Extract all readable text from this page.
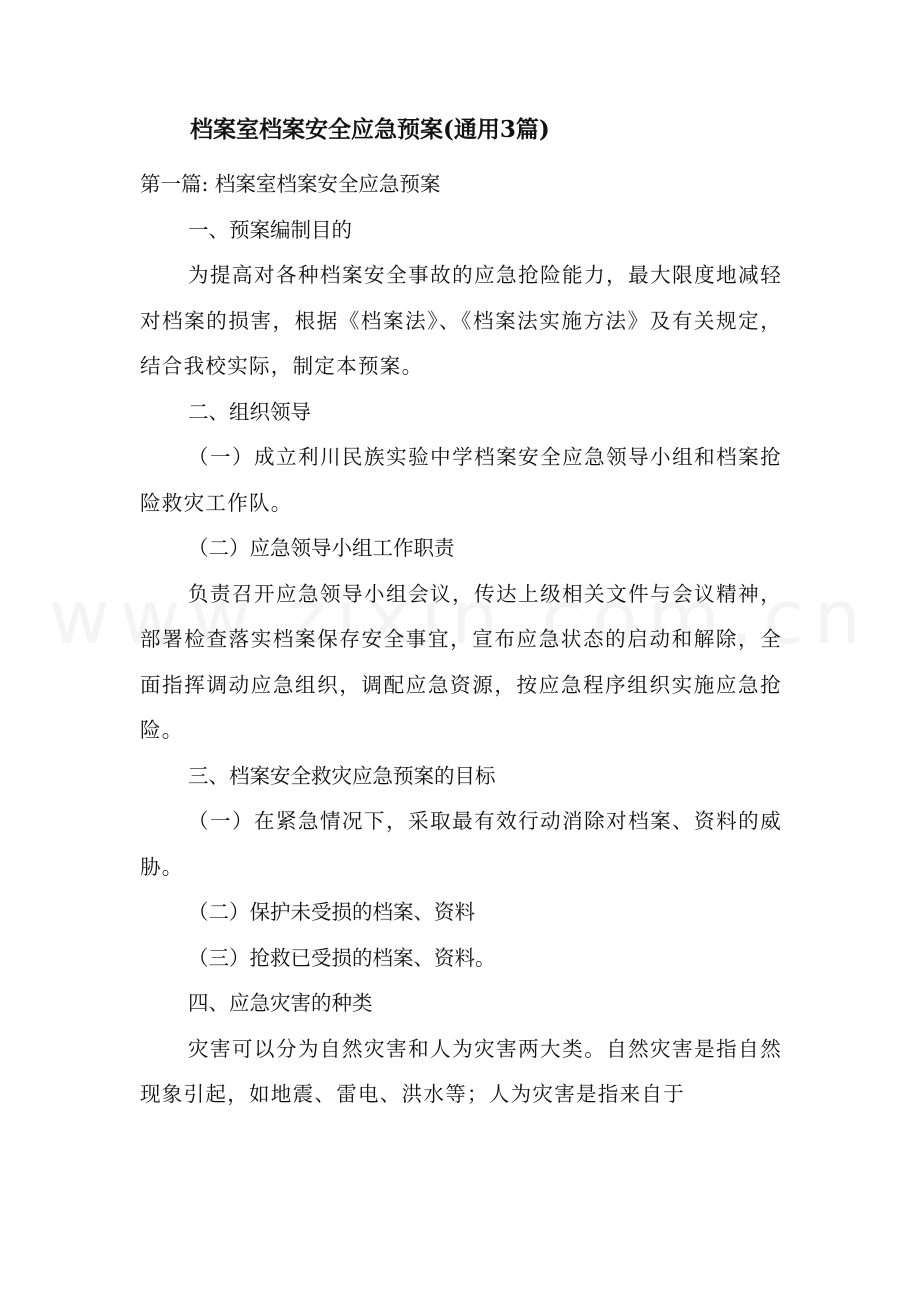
档案室档案安全应急预案(通用3篇)
第一篇: 档案室档案安全应急预案
一、预案编制目的

为提高对各种档案安全事故的应急抢险能力，最大限度地减轻对档案的损害，根据《档案法》、《档案法实施方法》及有关规定，结合我校实际，制定本预案。

二、组织领导

（一）成立利川民族实验中学档案安全应急领导小组和档案抢险救灾工作队。

（二）应急领导小组工作职责

负责召开应急领导小组会议，传达上级相关文件与会议精神，部署检查落实档案保存安全事宜，宣布应急状态的启动和解除，全面指挥调动应急组织，调配应急资源，按应急程序组织实施应急抢险。

三、档案安全救灾应急预案的目标

（一）在紧急情况下，采取最有效行动消除对档案、资料的威胁。

（二）保护未受损的档案、资料
（三）抢救已受损的档案、资料。
四、应急灾害的种类

灾害可以分为自然灾害和人为灾害两大类。自然灾害是指自然现象引起，如地震、雷电、洪水等；人为灾害是指来自于
